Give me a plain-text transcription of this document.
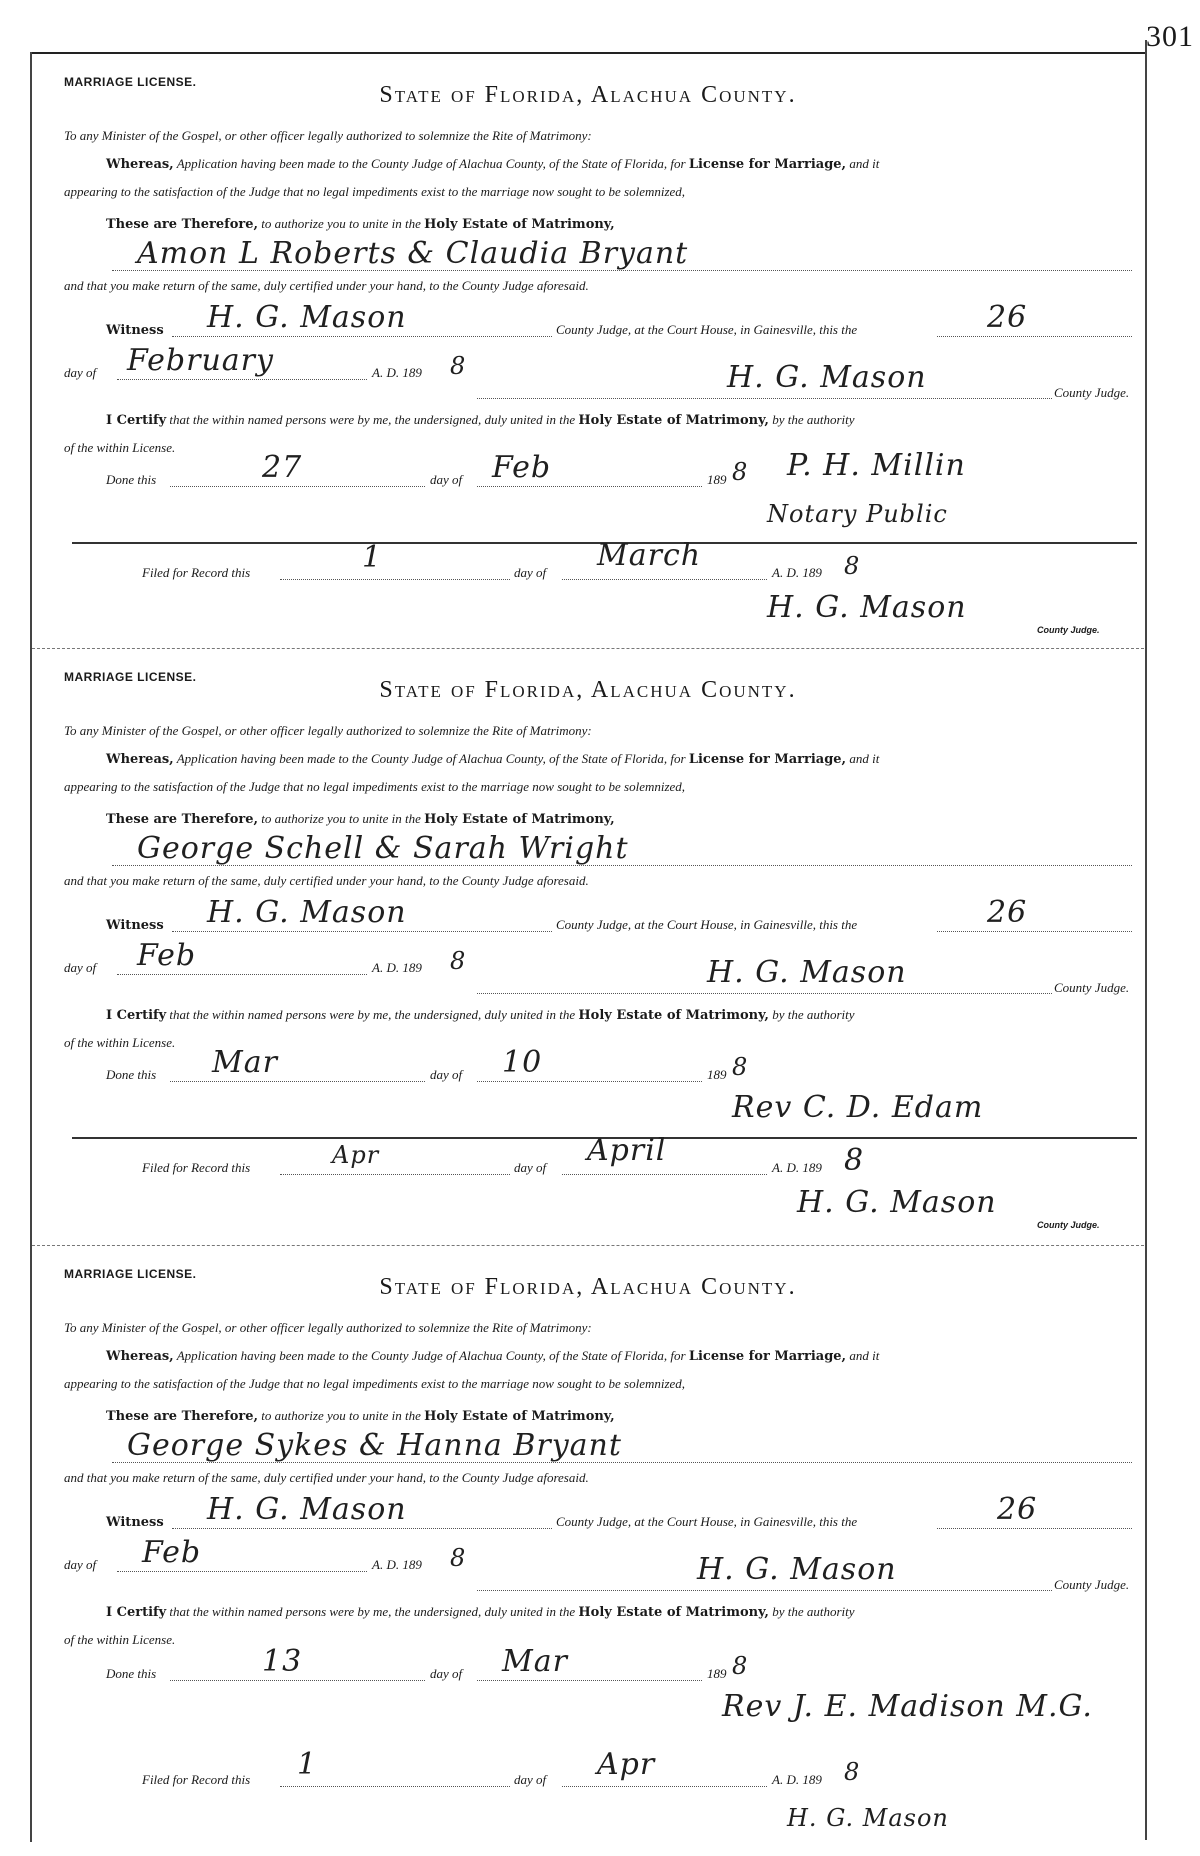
301
MARRIAGE LICENSE.	State of Florida, Alachua County.
To any Minister of the Gospel, or other officer legally authorized to solemnize the Rite of Matrimony:
Whereas, Application having been made to the County Judge of Alachua County, of the State of Florida, for License for Marriage, and it
appearing to the satisfaction of the Judge that no legal impediments exist to the marriage now sought to be solemnized,
These are Therefore, to authorize you to unite in the Holy Estate of Matrimony,
Amon L Roberts & Claudia Bryant
and that you make return of the same, duly certified under your hand, to the County Judge aforesaid.
Witness H. G. Mason	County Judge, at the Court House, in Gainesville, this the	26
day of February	A. D. 189 8	H. G. Mason	County Judge.
I Certify that the within named persons were by me, the undersigned, duly united in the Holy Estate of Matrimony, by the authority
of the within License.
Done this	27	day of Feb	189 8 P. H. Millin
Notary Public
Filed for Record this	1	day of March	A. D. 189 8
H. G. Mason
County Judge.
MARRIAGE LICENSE.	State of Florida, Alachua County.
To any Minister of the Gospel, or other officer legally authorized to solemnize the Rite of Matrimony:
Whereas, Application having been made to the County Judge of Alachua County, of the State of Florida, for License for Marriage, and it
appearing to the satisfaction of the Judge that no legal impediments exist to the marriage now sought to be solemnized,
These are Therefore, to authorize you to unite in the Holy Estate of Matrimony,
George Schell & Sarah Wright
and that you make return of the same, duly certified under your hand, to the County Judge aforesaid.
Witness H. G. Mason	County Judge, at the Court House, in Gainesville, this the	26
day of Feb	A. D. 189 8	H. G. Mason	County Judge.
I Certify that the within named persons were by me, the undersigned, duly united in the Holy Estate of Matrimony, by the authority
of the within License.
Done this Mar	day of 10	189 8
Rev C. D. Edam
Filed for Record this	Apr	day of April	A. D. 189 8
H. G. Mason
County Judge.
MARRIAGE LICENSE.	State of Florida, Alachua County.
To any Minister of the Gospel, or other officer legally authorized to solemnize the Rite of Matrimony:
Whereas, Application having been made to the County Judge of Alachua County, of the State of Florida, for License for Marriage, and it
appearing to the satisfaction of the Judge that no legal impediments exist to the marriage now sought to be solemnized,
These are Therefore, to authorize you to unite in the Holy Estate of Matrimony,
George Sykes & Hanna Bryant
and that you make return of the same, duly certified under your hand, to the County Judge aforesaid.
Witness H. G. Mason	County Judge, at the Court House, in Gainesville, this the	26
day of Feb	A. D. 189 8	H. G. Mason	County Judge.
I Certify that the within named persons were by me, the undersigned, duly united in the Holy Estate of Matrimony, by the authority
of the within License.
Done this	13	day of Mar	189 8
Rev J. E. Madison M.G.
Filed for Record this 1	day of Apr	A. D. 189 8
H. G. Mason
